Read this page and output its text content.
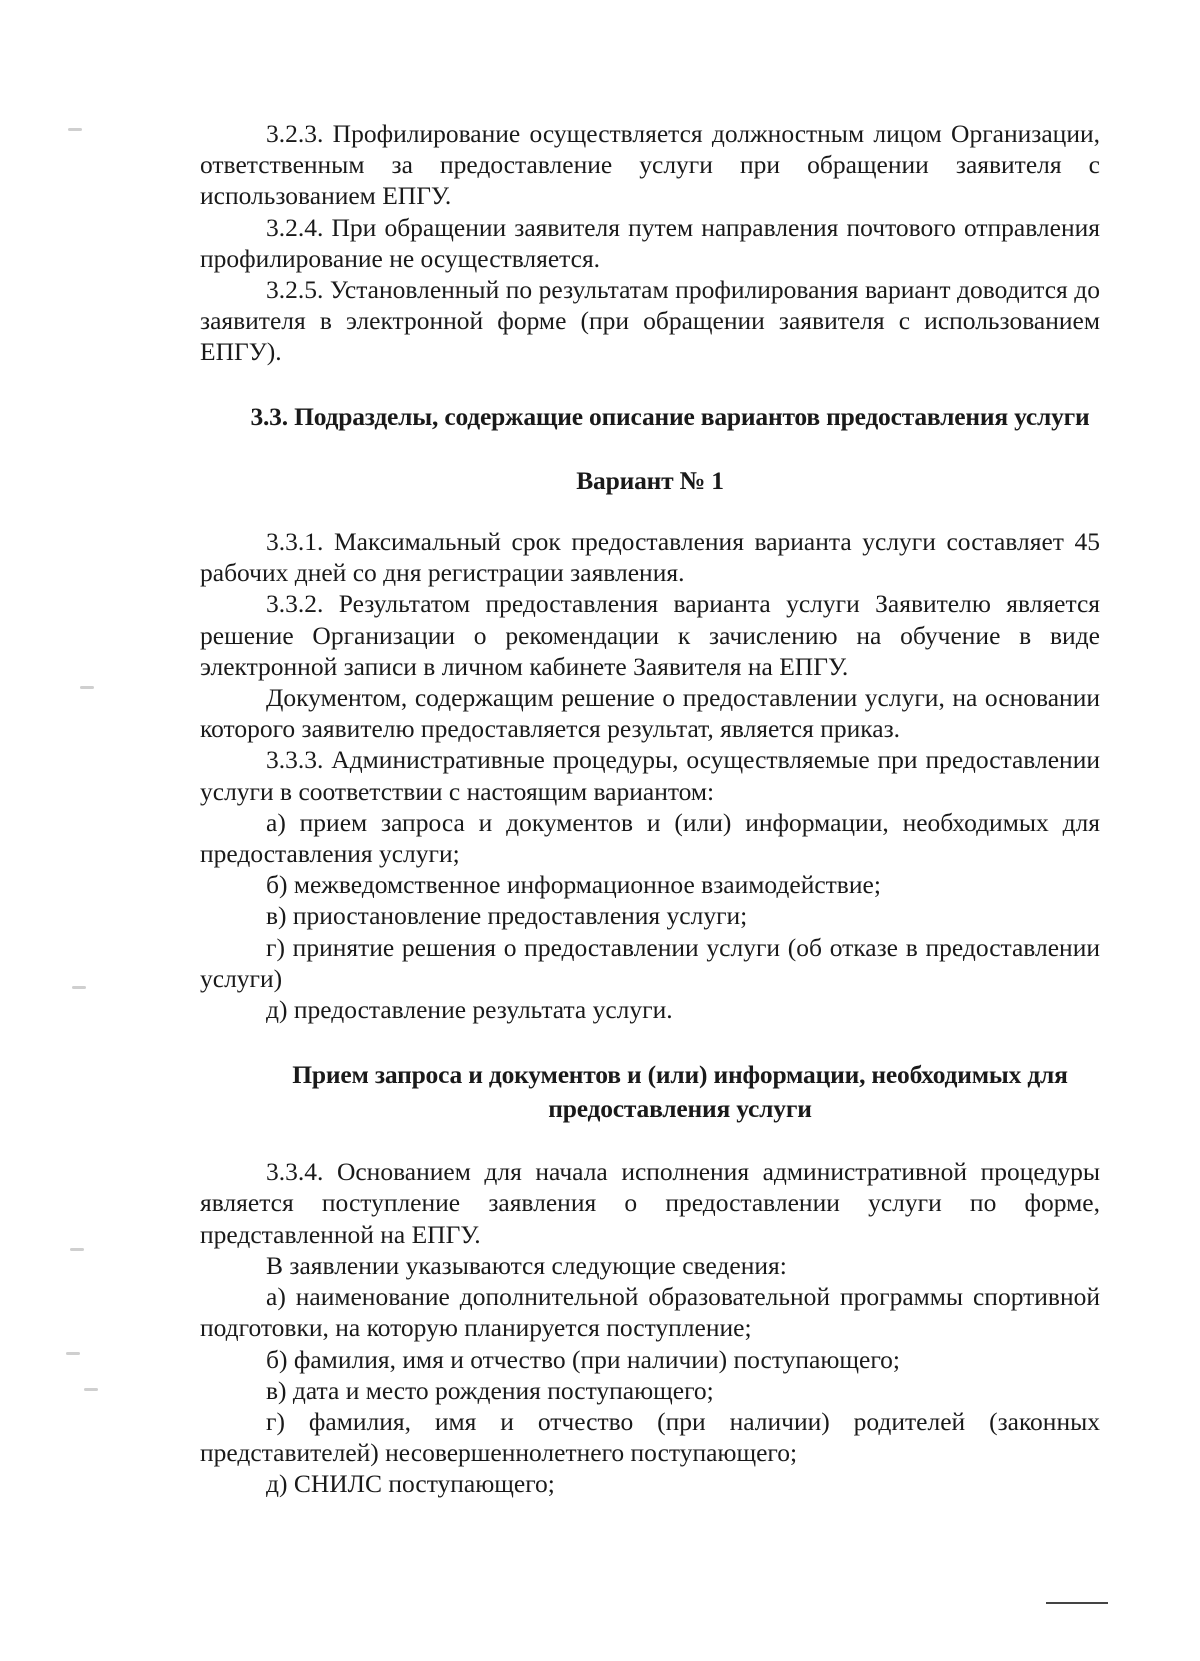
3.2.3. Профилирование осуществляется должностным лицом Организации, ответственным за предоставление услуги при обращении заявителя с использованием ЕПГУ.

3.2.4. При обращении заявителя путем направления почтового отправления профилирование не осуществляется.

3.2.5. Установленный по результатам профилирования вариант доводится до заявителя в электронной форме (при обращении заявителя с использованием ЕПГУ).

3.3. Подразделы, содержащие описание вариантов предоставления услуги

Вариант № 1

3.3.1. Максимальный срок предоставления варианта услуги составляет 45 рабочих дней со дня регистрации заявления.

3.3.2. Результатом предоставления варианта услуги Заявителю является решение Организации о рекомендации к зачислению на обучение в виде электронной записи в личном кабинете Заявителя на ЕПГУ.

Документом, содержащим решение о предоставлении услуги, на основании которого заявителю предоставляется результат, является приказ.

3.3.3. Административные процедуры, осуществляемые при предоставлении услуги в соответствии с настоящим вариантом:

а) прием запроса и документов и (или) информации, необходимых для предоставления услуги;

б) межведомственное информационное взаимодействие;

в) приостановление предоставления услуги;

г) принятие решения о предоставлении услуги (об отказе в предоставлении услуги)

д) предоставление результата услуги.

Прием запроса и документов и (или) информации, необходимых для предоставления услуги

3.3.4. Основанием для начала исполнения административной процедуры является поступление заявления о предоставлении услуги по форме, представленной на ЕПГУ.

В заявлении указываются следующие сведения:

а) наименование дополнительной образовательной программы спортивной подготовки, на которую планируется поступление;

б) фамилия, имя и отчество (при наличии) поступающего;

в) дата и место рождения поступающего;

г) фамилия, имя и отчество (при наличии) родителей (законных представителей) несовершеннолетнего поступающего;

д) СНИЛС поступающего;
